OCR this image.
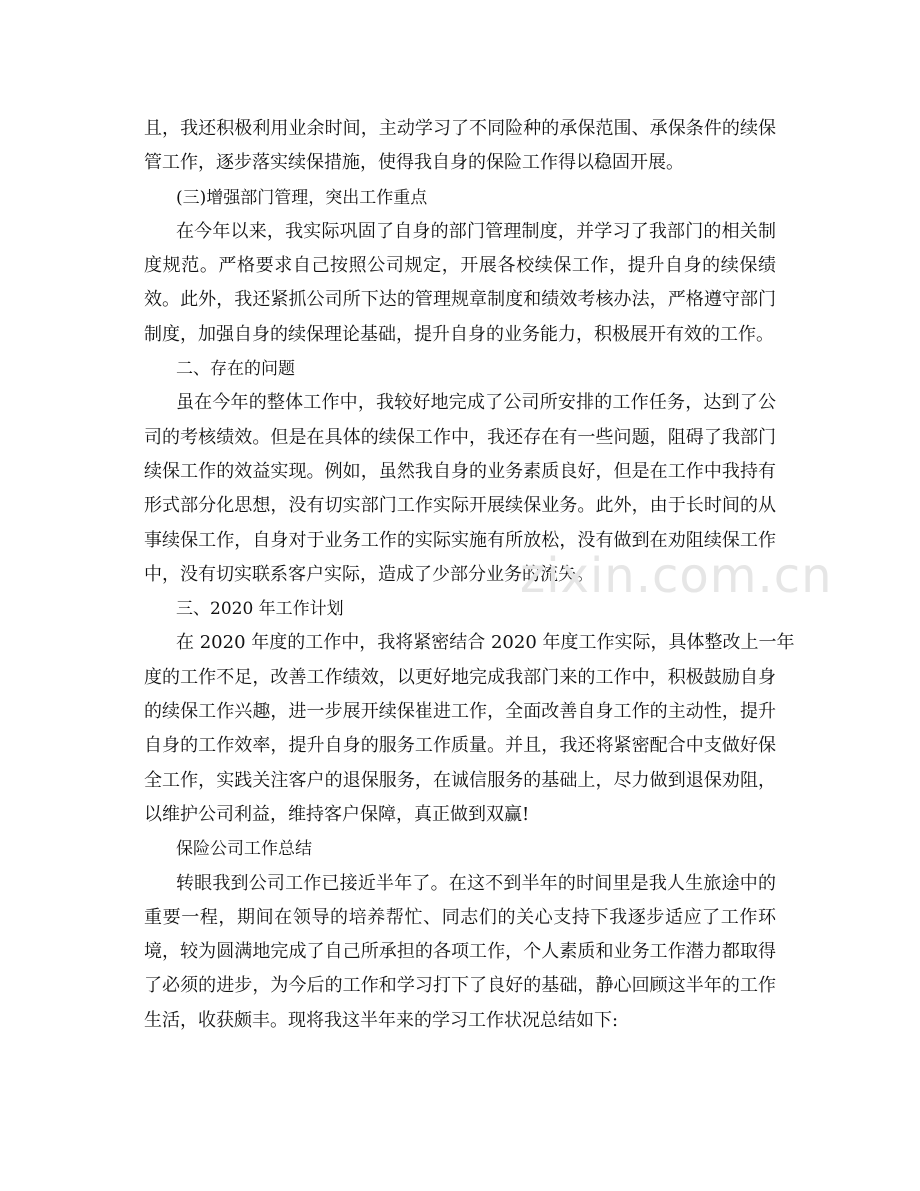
且，我还积极利用业余时间，主动学习了不同险种的承保范围、承保条件的续保
管工作，逐步落实续保措施，使得我自身的保险工作得以稳固开展。
(三)增强部门管理，突出工作重点
在今年以来，我实际巩固了自身的部门管理制度，并学习了我部门的相关制
度规范。严格要求自己按照公司规定，开展各校续保工作，提升自身的续保绩
效。此外，我还紧抓公司所下达的管理规章制度和绩效考核办法，严格遵守部门
制度，加强自身的续保理论基础，提升自身的业务能力，积极展开有效的工作。
二、存在的问题
虽在今年的整体工作中，我较好地完成了公司所安排的工作任务，达到了公
司的考核绩效。但是在具体的续保工作中，我还存在有一些问题，阻碍了我部门
续保工作的效益实现。例如，虽然我自身的业务素质良好，但是在工作中我持有
形式部分化思想，没有切实部门工作实际开展续保业务。此外，由于长时间的从
事续保工作，自身对于业务工作的实际实施有所放松，没有做到在劝阻续保工作
中，没有切实联系客户实际，造成了少部分业务的流失。
三、2020 年工作计划
在 2020 年度的工作中，我将紧密结合 2020 年度工作实际，具体整改上一年
度的工作不足，改善工作绩效，以更好地完成我部门来的工作中，积极鼓励自身
的续保工作兴趣，进一步展开续保崔进工作，全面改善自身工作的主动性，提升
自身的工作效率，提升自身的服务工作质量。并且，我还将紧密配合中支做好保
全工作，实践关注客户的退保服务，在诚信服务的基础上，尽力做到退保劝阻，
以维护公司利益，维持客户保障，真正做到双赢!
保险公司工作总结
转眼我到公司工作已接近半年了。在这不到半年的时间里是我人生旅途中的
重要一程，期间在领导的培养帮忙、同志们的关心支持下我逐步适应了工作环
境，较为圆满地完成了自己所承担的各项工作，个人素质和业务工作潜力都取得
了必须的进步，为今后的工作和学习打下了良好的基础，静心回顾这半年的工作
生活，收获颇丰。现将我这半年来的学习工作状况总结如下:
zixin.com.cn
